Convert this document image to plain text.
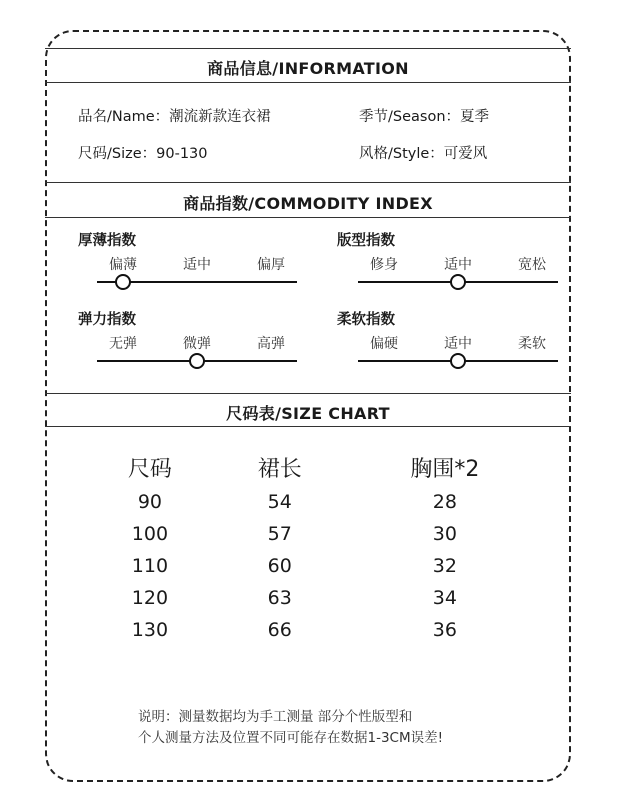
商品信息/INFORMATION
品名/Name：潮流新款连衣裙	季节/Season：夏季
尺码/Size：90-130	风格/Style：可爱风
商品指数/COMMODITY INDEX
厚薄指数
偏薄	适中	偏厚
版型指数
修身	适中	宽松
弹力指数
无弹	微弹	高弹
柔软指数
偏硬	适中	柔软
尺码表/SIZE CHART
尺码	裙长	胸围*2
90	54	28
100	57	30
110	60	32
120	63	34
130	66	36
说明：测量数据均为手工测量 部分个性版型和
个人测量方法及位置不同可能存在数据1-3CM误差!
